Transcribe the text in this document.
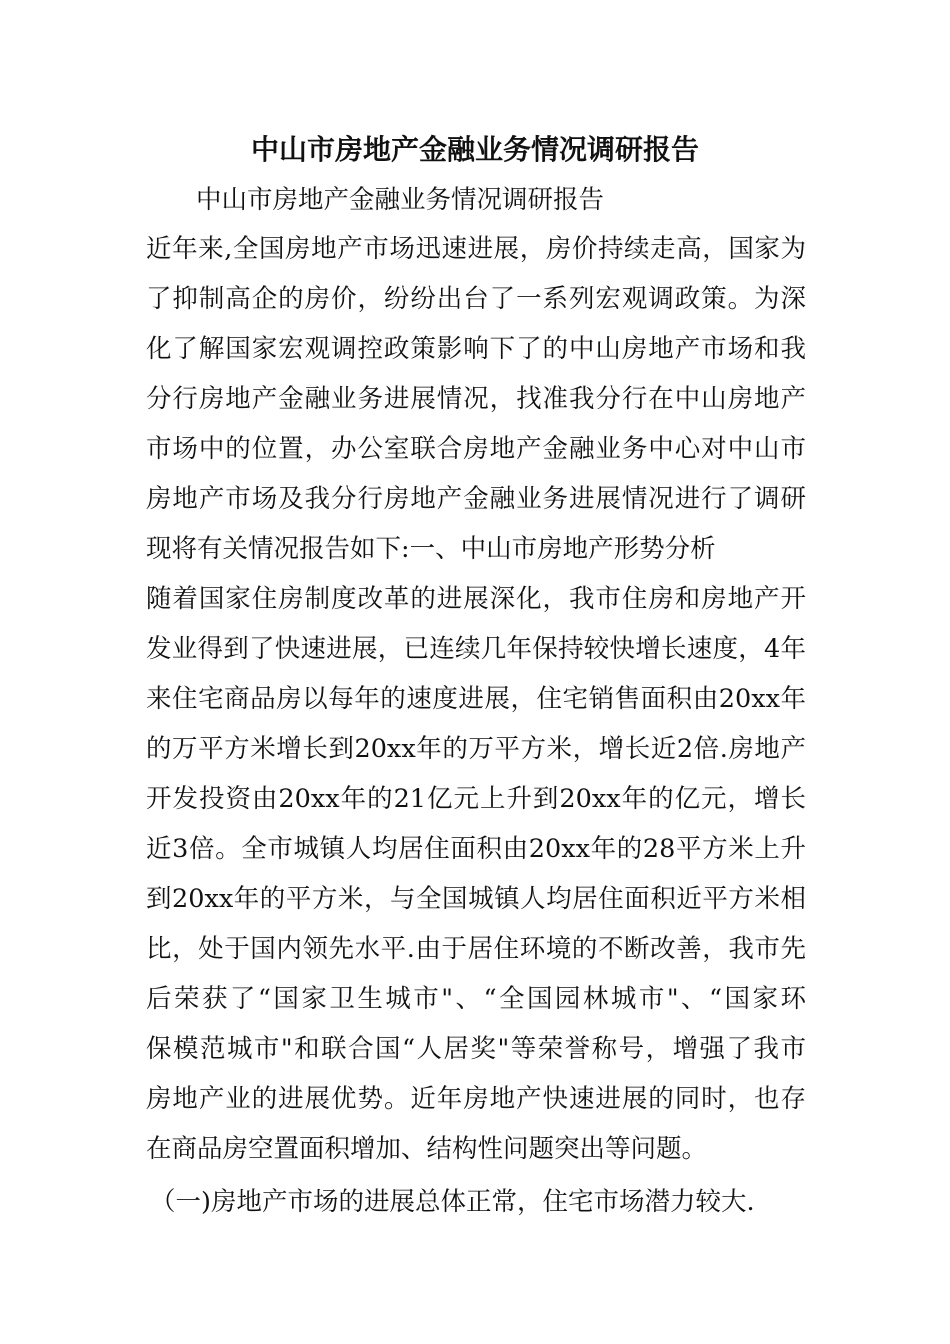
中山市房地产金融业务情况调研报告
中山市房地产金融业务情况调研报告
近年来,全国房地产市场迅速进展，房价持续走高，国家为
了抑制高企的房价，纷纷出台了一系列宏观调政策。为深
化了解国家宏观调控政策影响下了的中山房地产市场和我
分行房地产金融业务进展情况，找准我分行在中山房地产
市场中的位置，办公室联合房地产金融业务中心对中山市
房地产市场及我分行房地产金融业务进展情况进行了调研
现将有关情况报告如下:一、中山市房地产形势分析
随着国家住房制度改革的进展深化，我市住房和房地产开
发业得到了快速进展，已连续几年保持较快增长速度，4年
来住宅商品房以每年的速度进展，住宅销售面积由20xx年
的万平方米增长到20xx年的万平方米，增长近2倍.房地产
开发投资由20xx年的21亿元上升到20xx年的亿元，增长
近3倍。全市城镇人均居住面积由20xx年的28平方米上升
到20xx年的平方米，与全国城镇人均居住面积近平方米相
比，处于国内领先水平.由于居住环境的不断改善，我市先
后荣获了“国家卫生城市"、“全国园林城市"、“国家环
保模范城市"和联合国“人居奖"等荣誉称号，增强了我市
房地产业的进展优势。近年房地产快速进展的同时，也存
在商品房空置面积增加、结构性问题突出等问题。
（一)房地产市场的进展总体正常，住宅市场潜力较大.
